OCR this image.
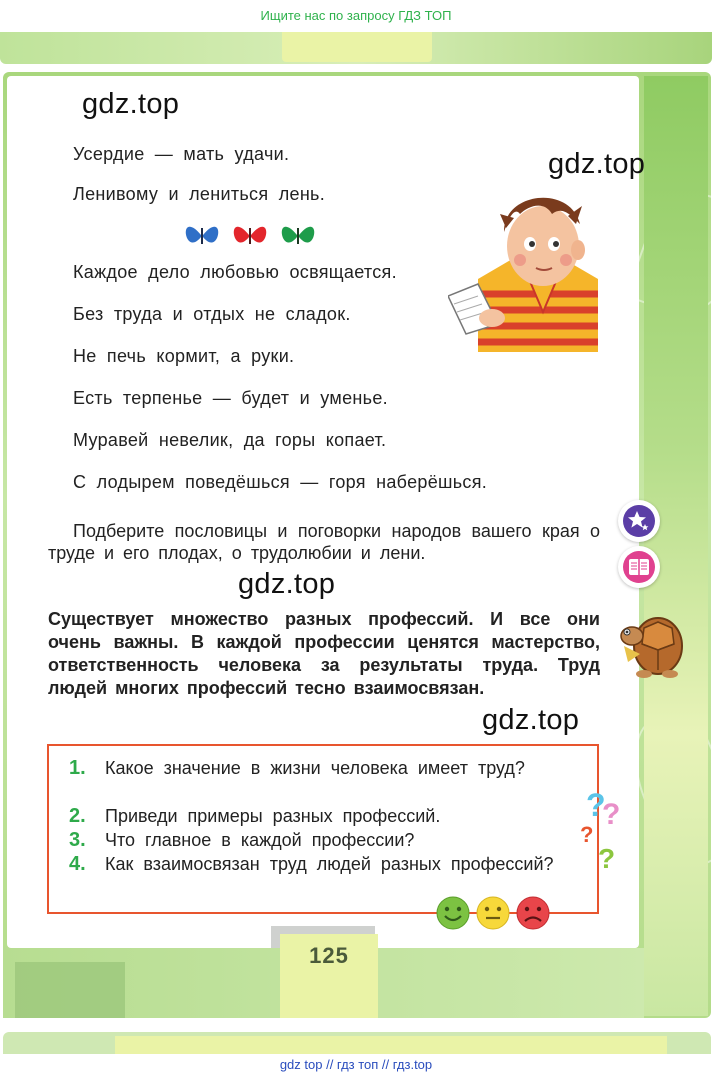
Ищите нас по запросу ГДЗ ТОП
gdz.top
gdz.top
gdz.top
gdz.top
Усердие — мать удачи.
Ленивому и лениться лень.
Каждое дело любовью освящается.
Без труда и отдых не сладок.
Не печь кормит, а руки.
Есть терпенье — будет и уменье.
Муравей невелик, да горы копает.
С лодырем поведёшься — горя наберёшься.
Подберите пословицы и поговорки народов вашего края о труде и его плодах, о трудолюбии и лени.
Существует множество разных профессий. И все они очень важны. В каждой профессии ценятся мастерство, ответственность человека за результаты труда. Труд людей многих профессий тесно взаимосвязан.
1.	Какое значение в жизни человека имеет труд?
2.	Приведи примеры разных профессий.
3.	Что главное в каждой профессии?
4.	Как взаимосвязан труд людей разных профессий?
?
?
?
?
125
gdz top // гдз топ // гдз.top
